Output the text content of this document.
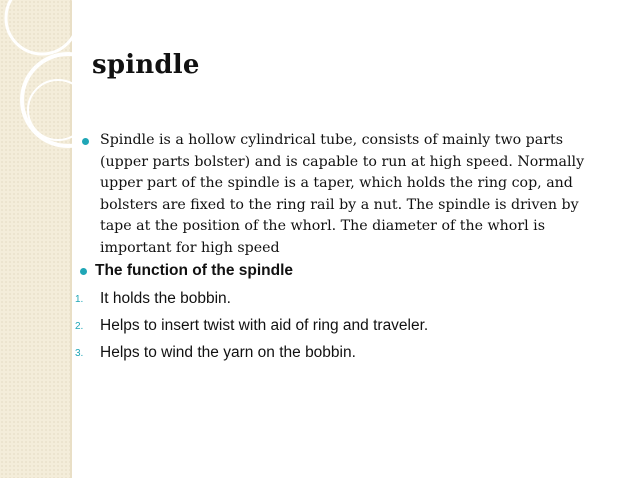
spindle
Spindle is a hollow cylindrical tube, consists of mainly two parts (upper parts bolster) and is capable to run at high speed. Normally upper part of the spindle is a taper, which holds the ring cop, and bolsters are fixed to the ring rail by a nut. The spindle is driven by tape at the position of the whorl. The diameter of the whorl is important for high speed
The function of the spindle
1. It holds the bobbin.
2. Helps to insert twist with aid of ring and traveler.
3. Helps to wind the yarn on the bobbin.
